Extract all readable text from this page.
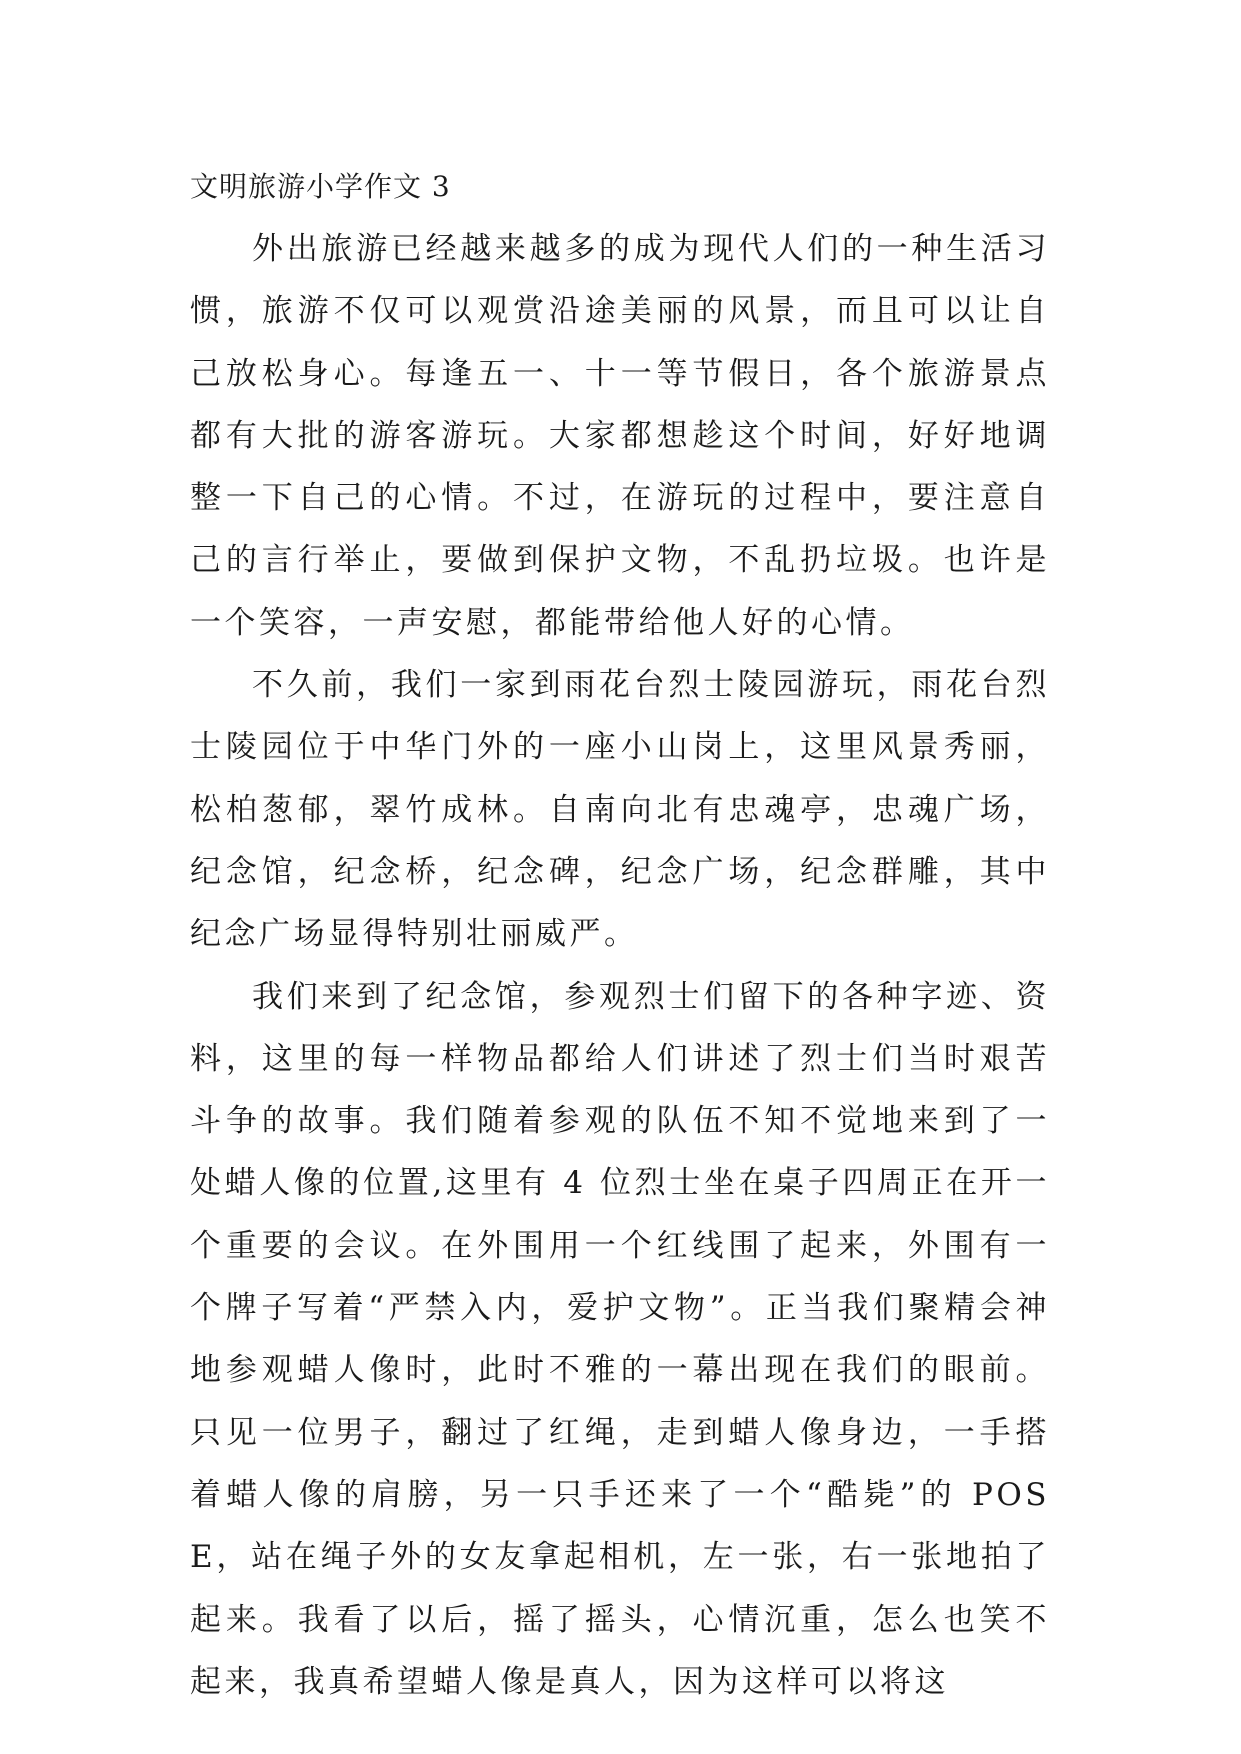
文明旅游小学作文 3

外出旅游已经越来越多的成为现代人们的一种生活习惯，旅游不仅可以观赏沿途美丽的风景，而且可以让自己放松身心。每逢五一、十一等节假日，各个旅游景点都有大批的游客游玩。大家都想趁这个时间，好好地调整一下自己的心情。不过，在游玩的过程中，要注意自己的言行举止，要做到保护文物，不乱扔垃圾。也许是一个笑容，一声安慰，都能带给他人好的心情。

不久前，我们一家到雨花台烈士陵园游玩，雨花台烈士陵园位于中华门外的一座小山岗上，这里风景秀丽，松柏葱郁，翠竹成林。自南向北有忠魂亭，忠魂广场，纪念馆，纪念桥，纪念碑，纪念广场，纪念群雕，其中纪念广场显得特别壮丽威严。

我们来到了纪念馆，参观烈士们留下的各种字迹、资料，这里的每一样物品都给人们讲述了烈士们当时艰苦斗争的故事。我们随着参观的队伍不知不觉地来到了一处蜡人像的位置,这里有 4 位烈士坐在桌子四周正在开一个重要的会议。在外围用一个红线围了起来，外围有一个牌子写着“严禁入内，爱护文物”。正当我们聚精会神地参观蜡人像时，此时不雅的一幕出现在我们的眼前。只见一位男子，翻过了红绳，走到蜡人像身边，一手搭着蜡人像的肩膀，另一只手还来了一个“酷毙”的 POSE，站在绳子外的女友拿起相机，左一张，右一张地拍了起来。我看了以后，摇了摇头，心情沉重，怎么也笑不起来，我真希望蜡人像是真人，因为这样可以将这
